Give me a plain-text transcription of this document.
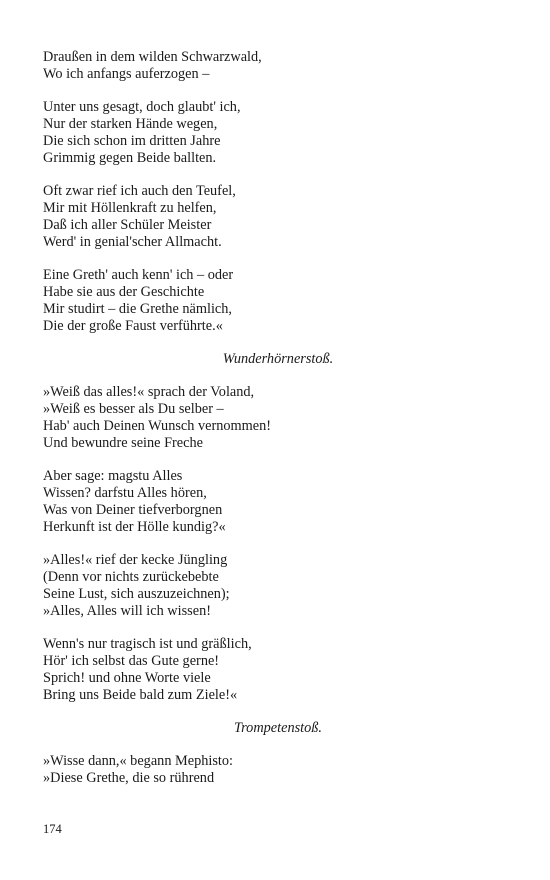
Draußen in dem wilden Schwarzwald,
Wo ich anfangs auferzogen –
Unter uns gesagt, doch glaubt' ich,
Nur der starken Hände wegen,
Die sich schon im dritten Jahre
Grimmig gegen Beide ballten.
Oft zwar rief ich auch den Teufel,
Mir mit Höllenkraft zu helfen,
Daß ich aller Schüler Meister
Werd' in genial'scher Allmacht.
Eine Greth' auch kenn' ich – oder
Habe sie aus der Geschichte
Mir studirt – die Grethe nämlich,
Die der große Faust verführte.«
Wunderhörnerstoß.
»Weiß das alles!« sprach der Voland,
»Weiß es besser als Du selber –
Hab' auch Deinen Wunsch vernommen!
Und bewundre seine Freche
Aber sage: magstu Alles
Wissen? darfstu Alles hören,
Was von Deiner tiefverborgnen
Herkunft ist der Hölle kundig?«
»Alles!« rief der kecke Jüngling
(Denn vor nichts zurückebebte
Seine Lust, sich auszuzeichnen);
»Alles, Alles will ich wissen!
Wenn's nur tragisch ist und gräßlich,
Hör' ich selbst das Gute gerne!
Sprich! und ohne Worte viele
Bring uns Beide bald zum Ziele!«
Trompetenstoß.
»Wisse dann,« begann Mephisto:
»Diese Grethe, die so rührend
174
